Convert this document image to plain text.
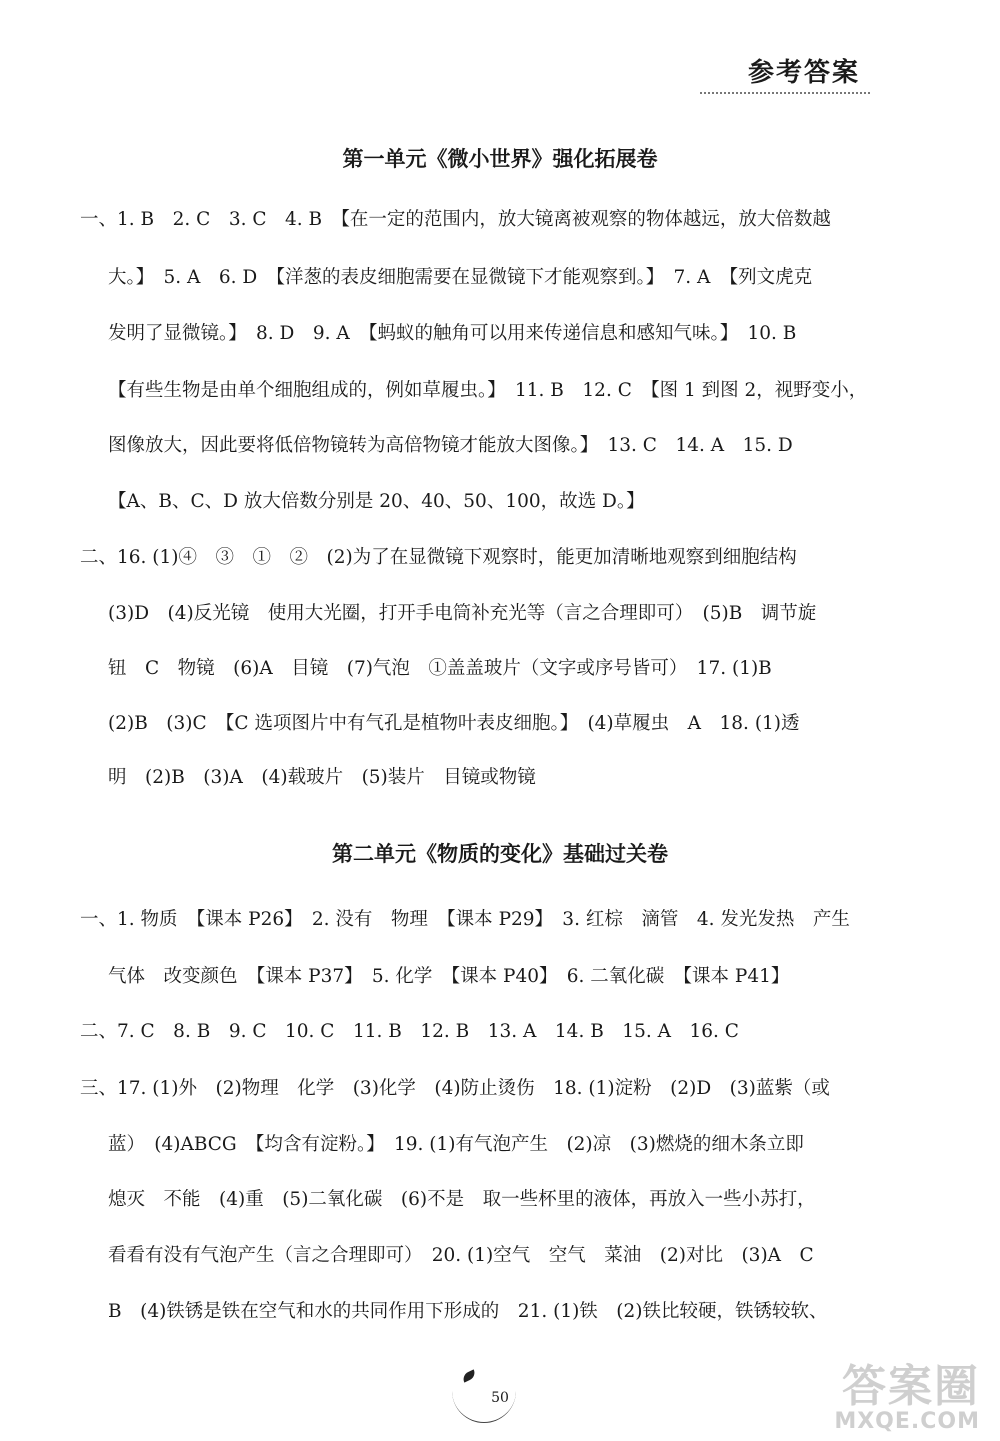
参考答案
第一单元《微小世界》强化拓展卷
一、1. B　2. C　3. C　4. B　【在一定的范围内，放大镜离被观察的物体越远，放大倍数越
大。】　5. A　6. D　【洋葱的表皮细胞需要在显微镜下才能观察到。】　7. A　【列文虎克
发明了显微镜。】　8. D　9. A　【蚂蚁的触角可以用来传递信息和感知气味。】　10. B
【有些生物是由单个细胞组成的，例如草履虫。】　11. B　12. C　【图 1 到图 2，视野变小，
图像放大，因此要将低倍物镜转为高倍物镜才能放大图像。】　13. C　14. A　15. D
【A、B、C、D 放大倍数分别是 20、40、50、100，故选 D。】
二、16. (1)④　③　①　②　(2)为了在显微镜下观察时，能更加清晰地观察到细胞结构
(3)D　(4)反光镜　使用大光圈，打开手电筒补充光等（言之合理即可）　(5)B　调节旋
钮　C　物镜　(6)A　目镜　(7)气泡　①盖盖玻片（文字或序号皆可）　17. (1)B
(2)B　(3)C　【C 选项图片中有气孔是植物叶表皮细胞。】　(4)草履虫　A　18. (1)透
明　(2)B　(3)A　(4)载玻片　(5)装片　目镜或物镜
第二单元《物质的变化》基础过关卷
一、1. 物质　【课本 P26】　2. 没有　物理　【课本 P29】　3. 红棕　滴管　4. 发光发热　产生
气体　改变颜色　【课本 P37】　5. 化学　【课本 P40】　6. 二氧化碳　【课本 P41】
二、7. C　8. B　9. C　10. C　11. B　12. B　13. A　14. B　15. A　16. C
三、17. (1)外　(2)物理　化学　(3)化学　(4)防止烫伤　18. (1)淀粉　(2)D　(3)蓝紫（或
蓝）　(4)ABCG　【均含有淀粉。】　19. (1)有气泡产生　(2)凉　(3)燃烧的细木条立即
熄灭　不能　(4)重　(5)二氧化碳　(6)不是　取一些杯里的液体，再放入一些小苏打，
看看有没有气泡产生（言之合理即可）　20. (1)空气　空气　菜油　(2)对比　(3)A　C
B　(4)铁锈是铁在空气和水的共同作用下形成的　21. (1)铁　(2)铁比较硬，铁锈较软、
50	答案圈
MXQE.COM
